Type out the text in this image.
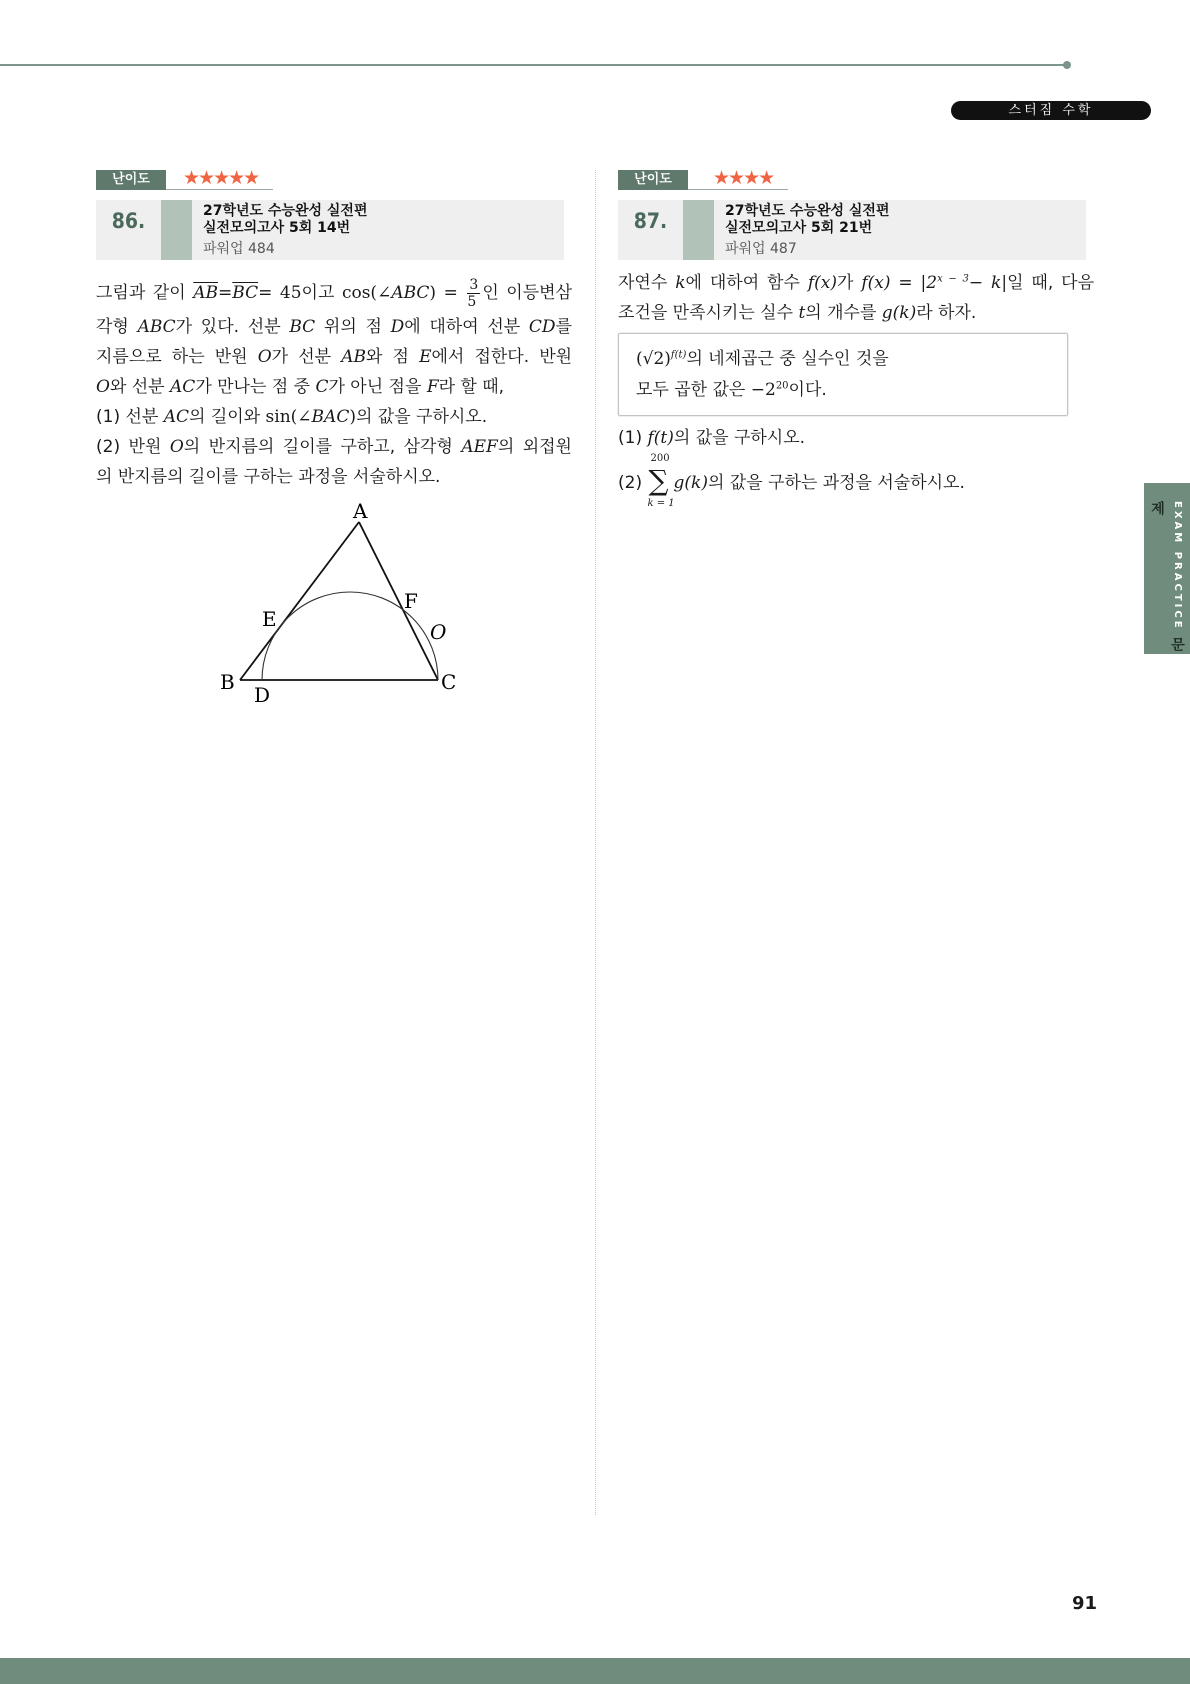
스터짐 수학
난이도	★★★★★
86.	27학년도 수능완성 실전편
실전모의고사 5회 14번
파워업 484

그림과 같이 $\overline{AB}=\overline{BC}= 45$이고 cos(∠ABC) = $\frac{3}{5}$ 인 이등변삼

각형 ABC가 있다. 선분 BC 위의 점 D에 대하여 선분 CD를

지름으로 하는 반원 O가 선분 AB와 점 E에서 접한다. 반원

O와 선분 AC가 만나는 점 중 C가 아닌 점을 F라 할 때,

(1) 선분 AC의 길이와 sin(∠BAC)의 값을 구하시오.

(2) 반원 O의 반지름의 길이를 구하고, 삼각형 AEF의 외접원

의 반지름의 길이를 구하는 과정을 서술하시오.

A
B	C
D
E
F
O
난이도	★★★★
87.	27학년도 수능완성 실전편
실전모의고사 5회 21번
파워업 487

자연수 k에 대하여 함수 f(x)가 $f(x) = |2^{x - 3}- k|$일 때, 다음

조건을 만족시키는 실수 t의 개수를 g(k)라 하자.

$(√2)^{f(t)}$의 네제곱근 중 실수인 것을
모두 곱한 값은 $-2^{20}$이다.

(1) f(t)의 값을 구하시오.

(2)
200
∑
k = 1
g(k)의 값을 구하는 과정을 서술하시오.

EXAM PRACTICE문제
91
